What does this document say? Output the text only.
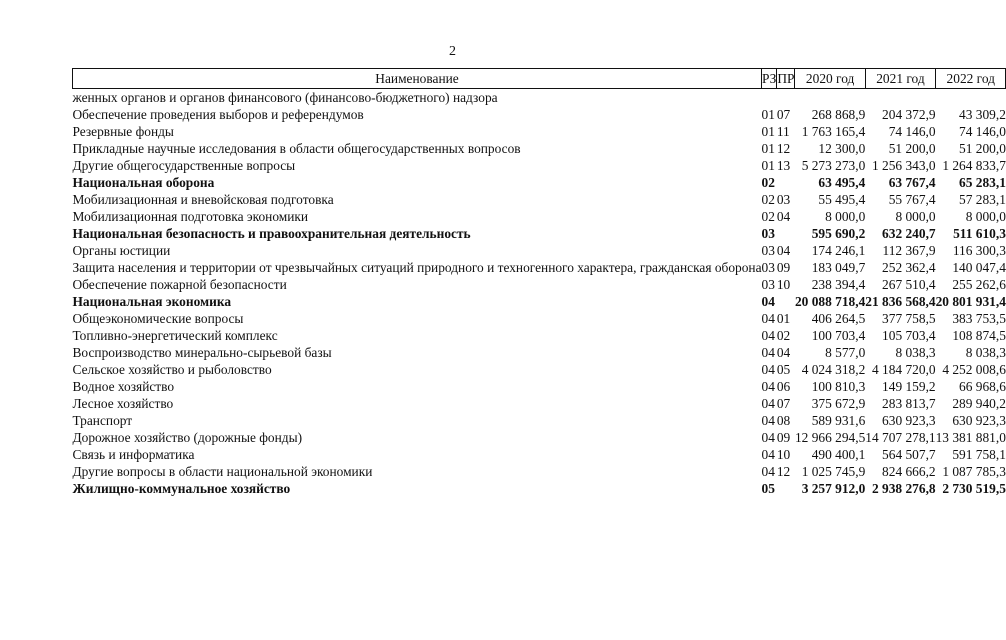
2
Наименование	РЗ	ПР	2020 год	2021 год	2022 год
женных органов и органов финансового (финансово-бюджетного) надзора					
Обеспечение проведения выборов и референдумов	01	07	268 868,9	204 372,9	43 309,2
Резервные фонды	01	11	1 763 165,4	74 146,0	74 146,0
Прикладные научные исследования в области общегосударственных вопросов	01	12	12 300,0	51 200,0	51 200,0
Другие общегосударственные вопросы	01	13	5 273 273,0	1 256 343,0	1 264 833,7
Национальная оборона	02		63 495,4	63 767,4	65 283,1
Мобилизационная и вневойсковая подготовка	02	03	55 495,4	55 767,4	57 283,1
Мобилизационная подготовка экономики	02	04	8 000,0	8 000,0	8 000,0
Национальная безопасность и правоохранительная деятельность	03		595 690,2	632 240,7	511 610,3
Органы юстиции	03	04	174 246,1	112 367,9	116 300,3
Защита населения и территории от чрезвычайных ситуаций природного и техногенного характера, гражданская оборона	03	09	183 049,7	252 362,4	140 047,4
Обеспечение пожарной безопасности	03	10	238 394,4	267 510,4	255 262,6
Национальная экономика	04		20 088 718,4	21 836 568,4	20 801 931,4
Общеэкономические вопросы	04	01	406 264,5	377 758,5	383 753,5
Топливно-энергетический комплекс	04	02	100 703,4	105 703,4	108 874,5
Воспроизводство минерально-сырьевой базы	04	04	8 577,0	8 038,3	8 038,3
Сельское хозяйство и рыболовство	04	05	4 024 318,2	4 184 720,0	4 252 008,6
Водное хозяйство	04	06	100 810,3	149 159,2	66 968,6
Лесное хозяйство	04	07	375 672,9	283 813,7	289 940,2
Транспорт	04	08	589 931,6	630 923,3	630 923,3
Дорожное хозяйство (дорожные фонды)	04	09	12 966 294,5	14 707 278,1	13 381 881,0
Связь и информатика	04	10	490 400,1	564 507,7	591 758,1
Другие вопросы в области национальной экономики	04	12	1 025 745,9	824 666,2	1 087 785,3
Жилищно-коммунальное хозяйство	05		3 257 912,0	2 938 276,8	2 730 519,5
